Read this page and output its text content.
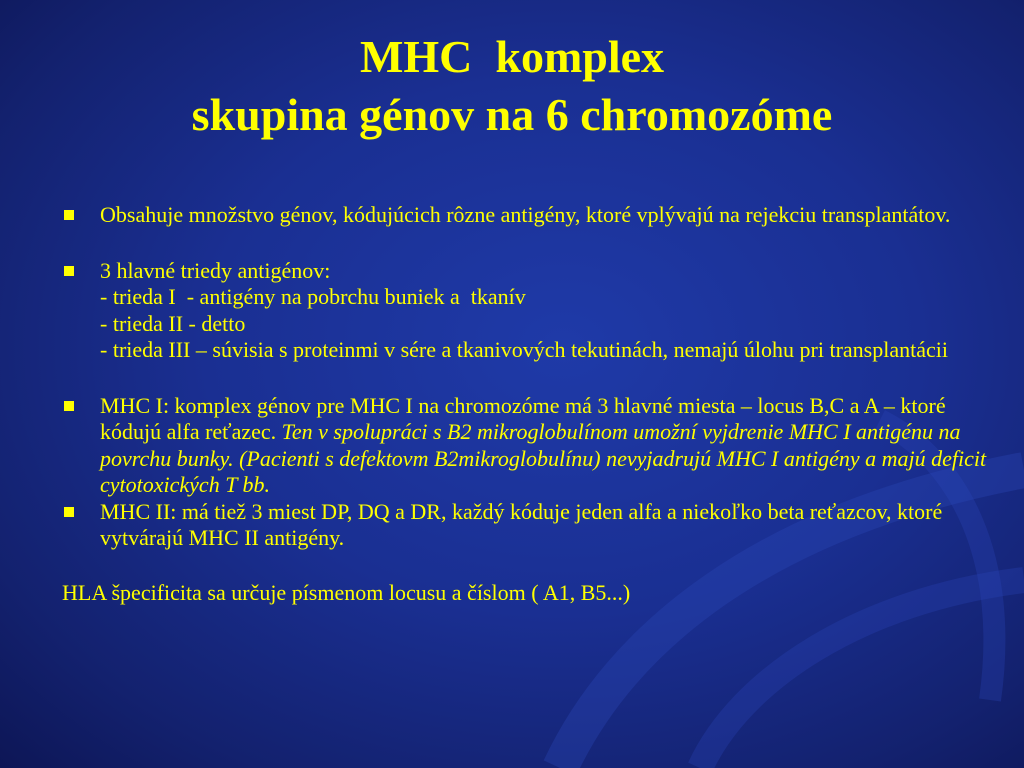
MHC  komplex
skupina génov na 6 chromozóme
Obsahuje množstvo génov, kódujúcich rôzne antigény, ktoré vplývajú na rejekciu transplantátov.
3 hlavné triedy antigénov:
- trieda I  - antigény na pobrchu buniek a  tkanív
- trieda II - detto
- trieda III – súvisia s proteinmi v sére a tkanivových tekutinách, nemajú úlohu pri transplantácii
MHC I: komplex génov pre MHC I na chromozóme má 3 hlavné miesta – locus B,C a A – ktoré kódujú alfa reťazec. Ten v spolupráci s B2 mikroglobulínom umožní vyjdrenie MHC I antigénu na povrchu bunky. (Pacienti s defektovm B2mikroglobulínu) nevyjadrujú MHC I antigény a majú deficit cytotoxických T bb.
MHC II: má tiež 3 miest DP, DQ a DR, každý kóduje jeden alfa a niekoľko beta reťazcov, ktoré vytvárajú MHC II antigény.
HLA špecificita sa určuje písmenom locusu a číslom ( A1, B5...)
